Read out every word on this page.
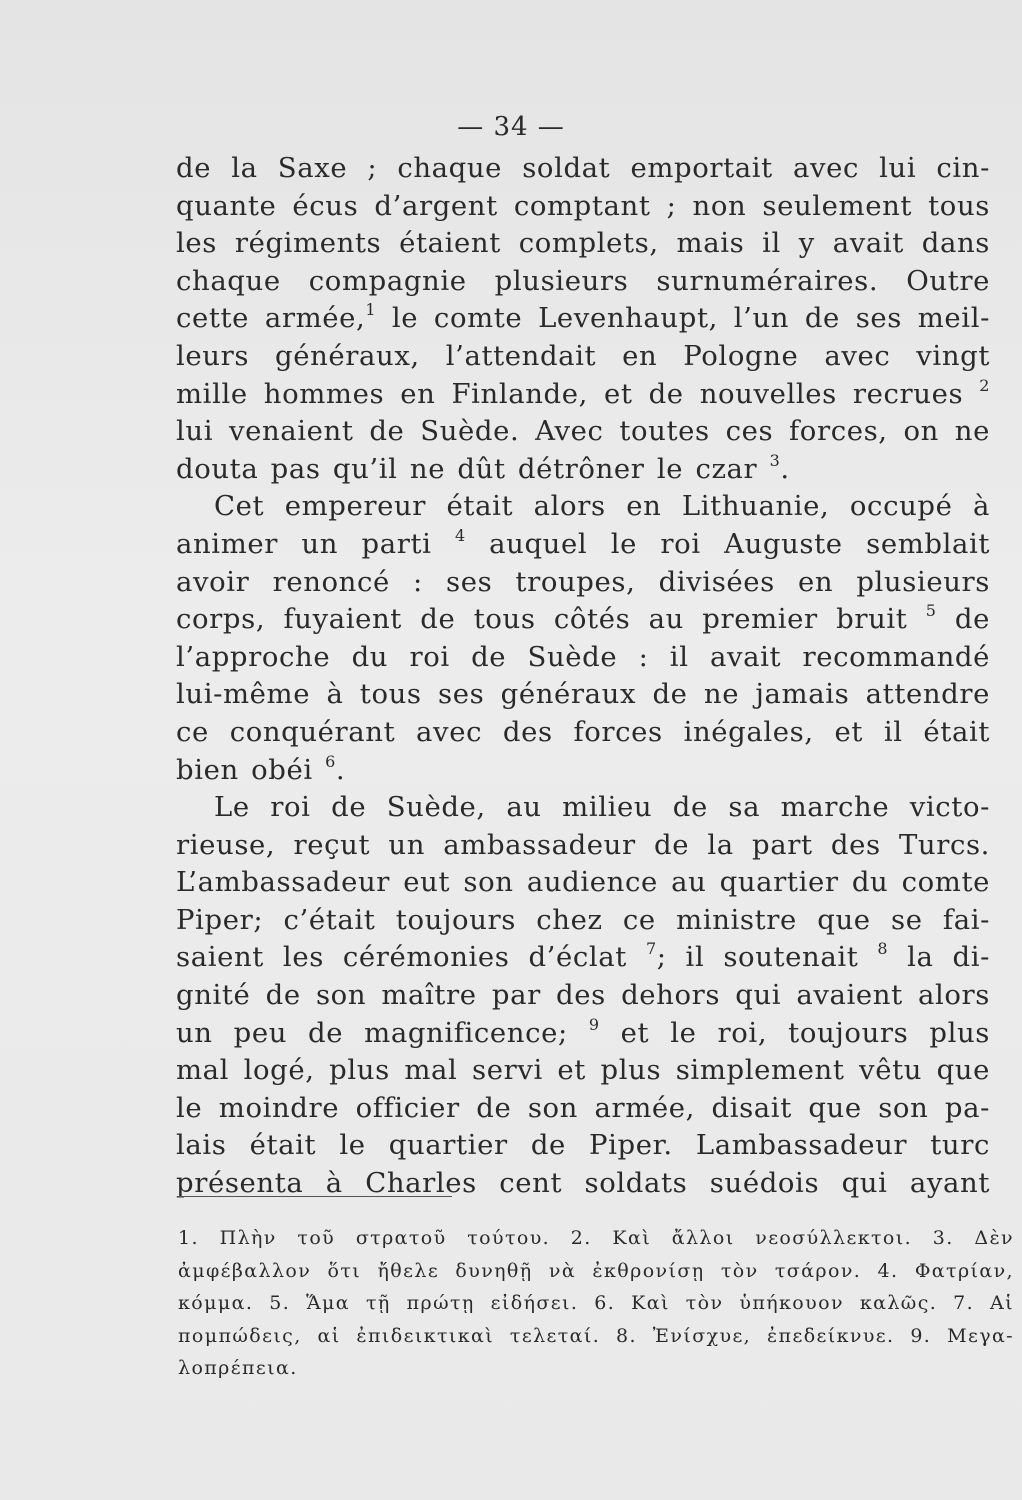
— 34 —

de la Saxe ; chaque soldat emportait avec lui cin-

quante écus d’argent comptant ; non seulement tous

les régiments étaient complets, mais il y avait dans

chaque compagnie plusieurs surnuméraires. Outre

cette armée,$^1$ le comte Levenhaupt, l’un de ses meil-

leurs généraux, l’attendait en Pologne avec vingt

mille hommes en Finlande, et de nouvelles recrues $^2$

lui venaient de Suède. Avec toutes ces forces, on ne

douta pas qu’il ne dût détrôner le czar $^3$.

Cet empereur était alors en Lithuanie, occupé à

animer un parti $^4$ auquel le roi Auguste semblait

avoir renoncé : ses troupes, divisées en plusieurs

corps, fuyaient de tous côtés au premier bruit $^5$ de

l’approche du roi de Suède : il avait recommandé

lui-même à tous ses généraux de ne jamais attendre

ce conquérant avec des forces inégales, et il était

bien obéi $^6$.

Le roi de Suède, au milieu de sa marche victo-

rieuse, reçut un ambassadeur de la part des Turcs.

L’ambassadeur eut son audience au quartier du comte

Piper; c’était toujours chez ce ministre que se fai-

saient les cérémonies d’éclat $^7$; il soutenait $^8$ la di-

gnité de son maître par des dehors qui avaient alors

un peu de magnificence; $^9$ et le roi, toujours plus

mal logé, plus mal servi et plus simplement vêtu que

le moindre officier de son armée, disait que son pa-

lais était le quartier de Piper. Lambassadeur turc

présenta à Charles cent soldats suédois qui ayant

1. Πλὴν τοῦ στρατοῦ τούτου. 2. Καὶ ἄλλοι νεοσύλλεκτοι. 3. Δὲν

ἀμφέβαλλον ὅτι ἤθελε δυνηθῇ νὰ ἐκθρονίσῃ τὸν τσάρον. 4. Φατρίαν,

κόμμα. 5. Ἅμα τῇ πρώτῃ εἰδήσει. 6. Καὶ τὸν ὑπήκουον καλῶς. 7. Αἱ

πομπώδεις, αἱ ἐπιδεικτικαὶ τελεταί. 8. Ἐνίσχυε, ἐπεδείκνυε. 9. Μεγα-

λοπρέπεια.
